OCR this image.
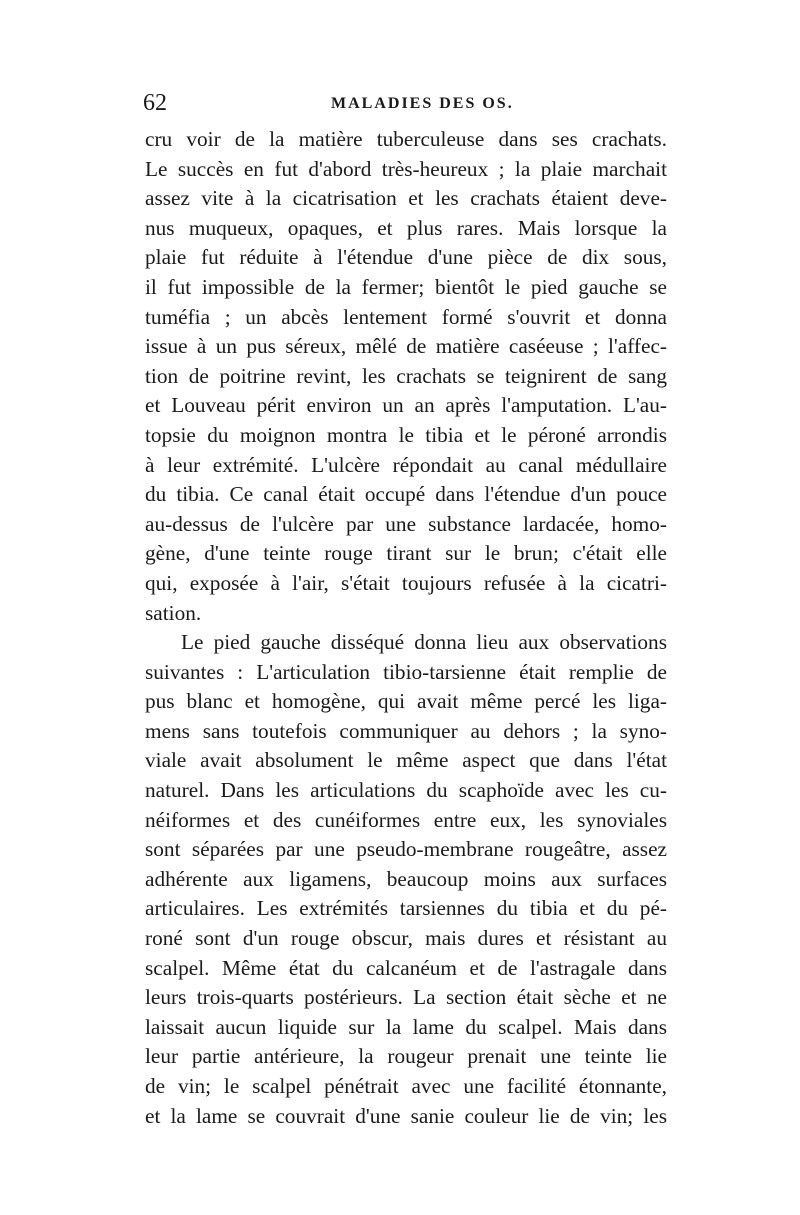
62	MALADIES DES OS.
cru voir de la matière tuberculeuse dans ses crachats.
Le succès en fut d'abord très-heureux ; la plaie marchait
assez vite à la cicatrisation et les crachats étaient deve-
nus muqueux, opaques, et plus rares. Mais lorsque la
plaie fut réduite à l'étendue d'une pièce de dix sous,
il fut impossible de la fermer; bientôt le pied gauche se
tuméfia ; un abcès lentement formé s'ouvrit et donna
issue à un pus séreux, mêlé de matière caséeuse ; l'affec-
tion de poitrine revint, les crachats se teignirent de sang
et Louveau périt environ un an après l'amputation. L'au-
topsie du moignon montra le tibia et le péroné arrondis
à leur extrémité. L'ulcère répondait au canal médullaire
du tibia. Ce canal était occupé dans l'étendue d'un pouce
au-dessus de l'ulcère par une substance lardacée, homo-
gène, d'une teinte rouge tirant sur le brun; c'était elle
qui, exposée à l'air, s'était toujours refusée à la cicatri-
sation.
Le pied gauche disséqué donna lieu aux observations
suivantes : L'articulation tibio-tarsienne était remplie de
pus blanc et homogène, qui avait même percé les liga-
mens sans toutefois communiquer au dehors ; la syno-
viale avait absolument le même aspect que dans l'état
naturel. Dans les articulations du scaphoïde avec les cu-
néiformes et des cunéiformes entre eux, les synoviales
sont séparées par une pseudo-membrane rougeâtre, assez
adhérente aux ligamens, beaucoup moins aux surfaces
articulaires. Les extrémités tarsiennes du tibia et du pé-
roné sont d'un rouge obscur, mais dures et résistant au
scalpel. Même état du calcanéum et de l'astragale dans
leurs trois-quarts postérieurs. La section était sèche et ne
laissait aucun liquide sur la lame du scalpel. Mais dans
leur partie antérieure, la rougeur prenait une teinte lie
de vin; le scalpel pénétrait avec une facilité étonnante,
et la lame se couvrait d'une sanie couleur lie de vin; les
